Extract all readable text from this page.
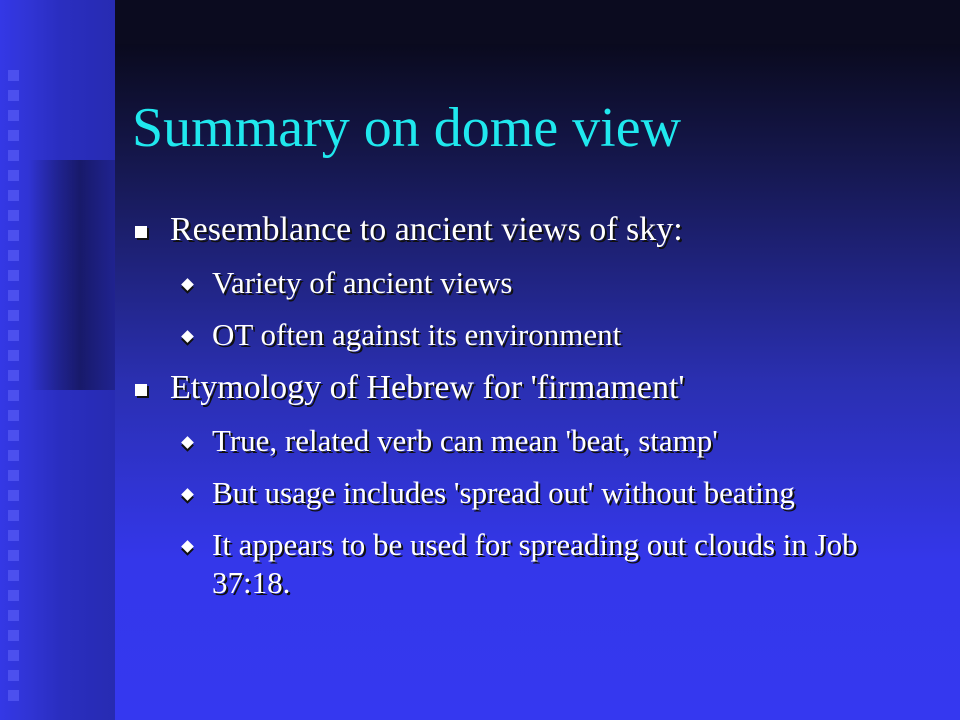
Summary on dome view
Resemblance to ancient views of sky:
Variety of ancient views
OT often against its environment
Etymology of Hebrew for 'firmament'
True, related verb can mean 'beat, stamp'
But usage includes 'spread out' without beating
It appears to be used for spreading out clouds in Job 37:18.
